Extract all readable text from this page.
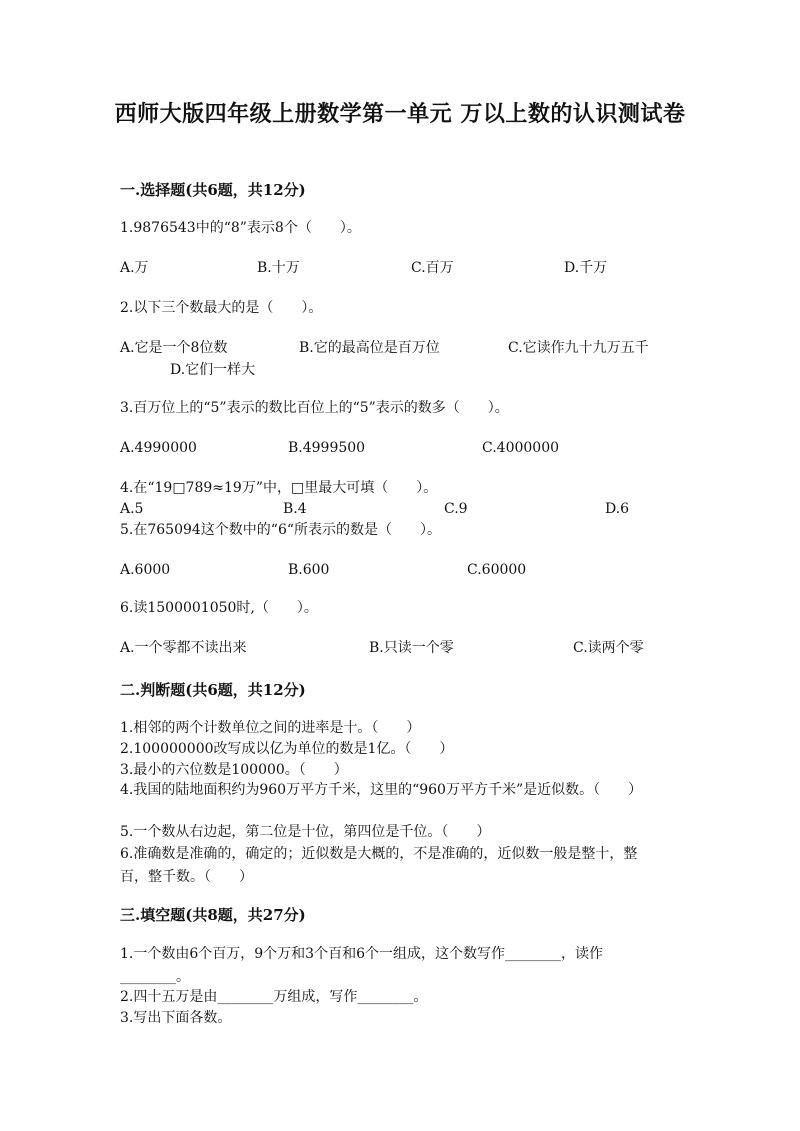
西师大版四年级上册数学第一单元 万以上数的认识测试卷
一.选择题(共6题，共12分)
1.9876543中的“8”表示8个（　　）。
A.万	B.十万	C.百万	D.千万
2.以下三个数最大的是（　　）。
A.它是一个8位数	B.它的最高位是百万位	C.它读作九十九万五千
D.它们一样大
3.百万位上的“5”表示的数比百位上的“5”表示的数多（　　）。
A.4990000	B.4999500	C.4000000
4.在“19□789≈19万”中，□里最大可填（　　）。
A.5	B.4	C.9	D.6
5.在765094这个数中的“6“所表示的数是（　　）。
A.6000	B.600	C.60000
6.读1500001050时,（　　）。
A.一个零都不读出来	B.只读一个零	C.读两个零
二.判断题(共6题，共12分)
1.相邻的两个计数单位之间的进率是十。（　　）
2.100000000改写成以亿为单位的数是1亿。（　　）
3.最小的六位数是100000。（　　）
4.我国的陆地面积约为960万平方千米，这里的“960万平方千米”是近似数。（　　）
5.一个数从右边起，第二位是十位，第四位是千位。（　　）
6.准确数是准确的，确定的；近似数是大概的，不是准确的，近似数一般是整十，整百，整千数。（　　）
三.填空题(共8题，共27分)
1.一个数由6个百万，9个万和3个百和6个一组成，这个数写作________，读作________。
2.四十五万是由________万组成，写作________。
3.写出下面各数。
